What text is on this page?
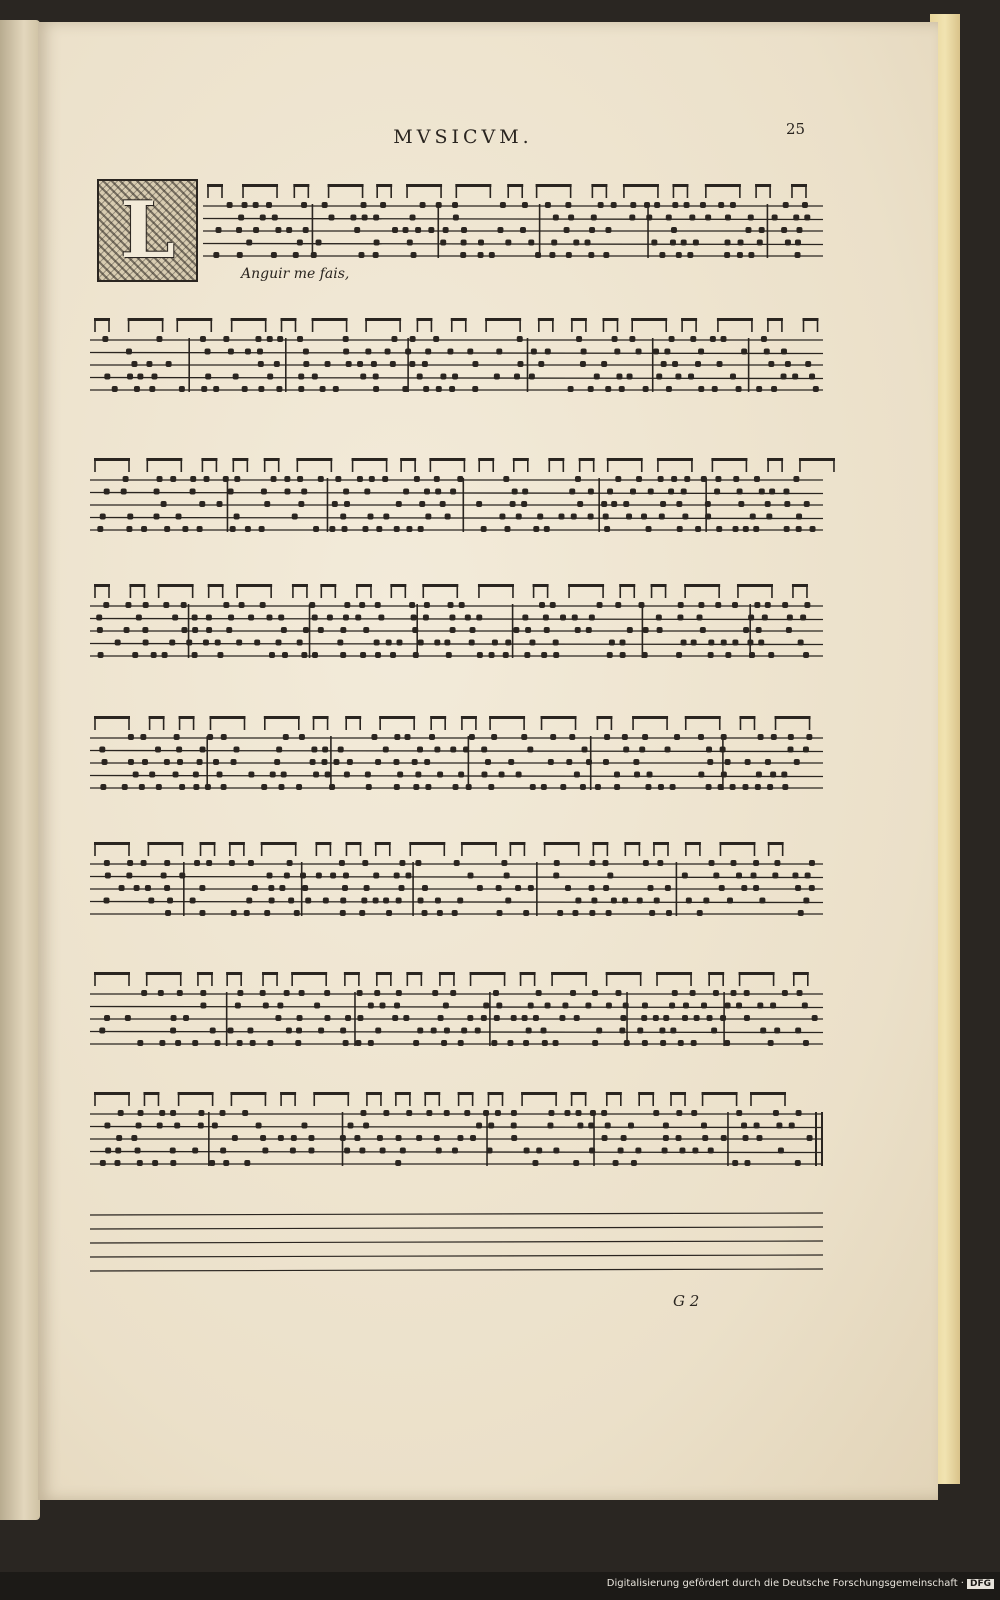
MVSICVM.	25
L	Anguir me fais,
G 2
Digitalisierung gefördert durch die Deutsche Forschungsgemeinschaft · DFG
